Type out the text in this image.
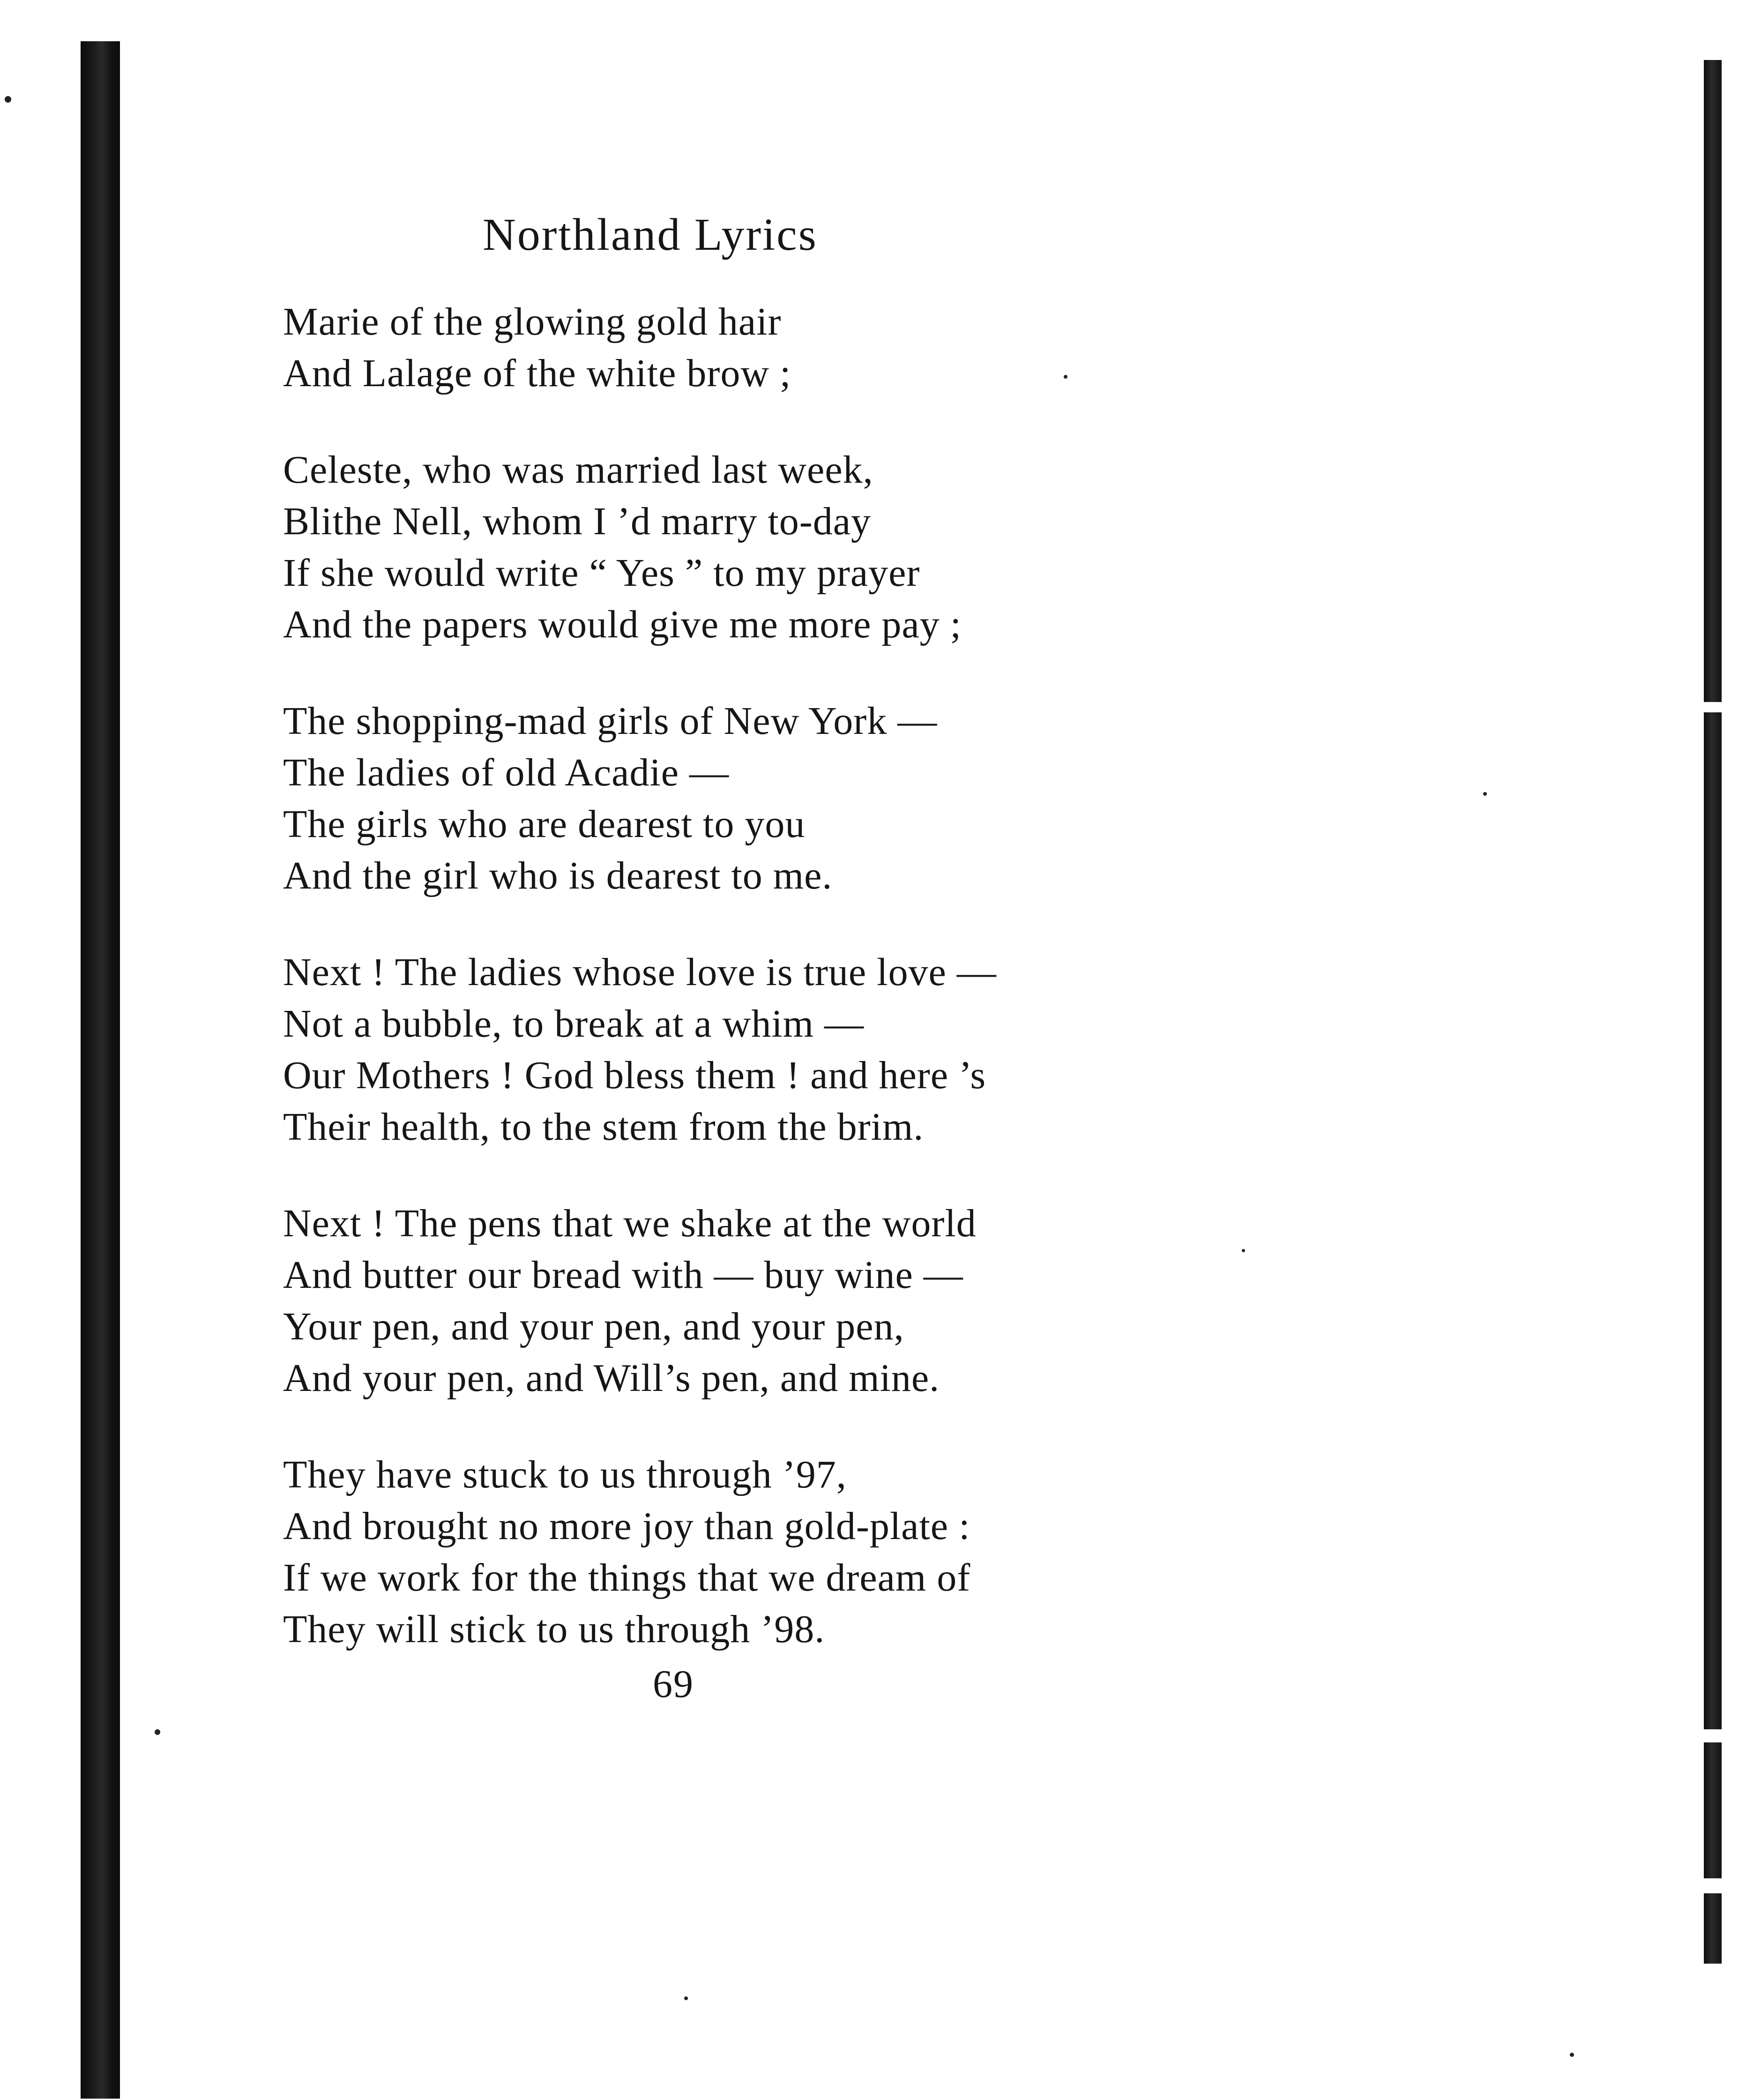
Northland Lyrics
Marie of the glowing gold hair
And Lalage of the white brow ;
Celeste, who was married last week,
Blithe Nell, whom I ’d marry to-day
If she would write “ Yes ” to my prayer
And the papers would give me more pay ;
The shopping-mad girls of New York —
The ladies of old Acadie —
The girls who are dearest to you
And the girl who is dearest to me.
Next ! The ladies whose love is true love —
Not a bubble, to break at a whim —
Our Mothers ! God bless them ! and here ’s
Their health, to the stem from the brim.
Next ! The pens that we shake at the world
And butter our bread with — buy wine —
Your pen, and your pen, and your pen,
And your pen, and Will’s pen, and mine.
They have stuck to us through ’97,
And brought no more joy than gold-plate :
If we work for the things that we dream of
They will stick to us through ’98.
69
